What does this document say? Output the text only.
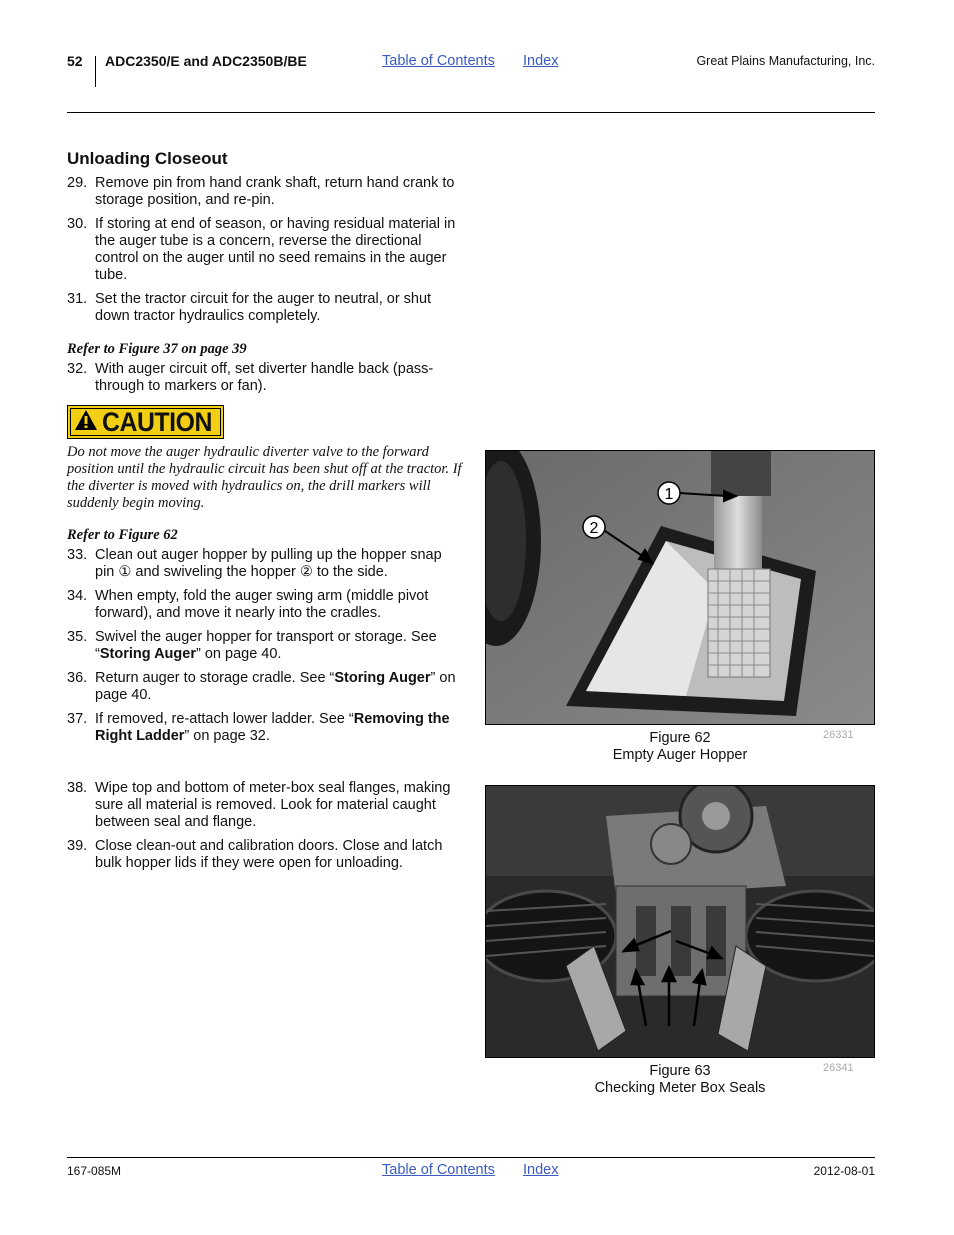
52 ADC2350/E and ADC2350B/BE	Table of Contents Index	Great Plains Manufacturing, Inc.
Unloading Closeout
29. Remove pin from hand crank shaft, return hand crank to storage position, and re-pin.
30. If storing at end of season, or having residual material in the auger tube is a concern, reverse the directional control on the auger until no seed remains in the auger tube.
31. Set the tractor circuit for the auger to neutral, or shut down tractor hydraulics completely.
Refer to Figure 37 on page 39
32. With auger circuit off, set diverter handle back (pass-through to markers or fan).
CAUTION
Do not move the auger hydraulic diverter valve to the forward position until the hydraulic circuit has been shut off at the tractor. If the diverter is moved with hydraulics on, the drill markers will suddenly begin moving.
Refer to Figure 62
33. Clean out auger hopper by pulling up the hopper snap pin ① and swiveling the hopper ② to the side.
34. When empty, fold the auger swing arm (middle pivot forward), and move it nearly into the cradles.
35. Swivel the auger hopper for transport or storage. See “Storing Auger” on page 40.
36. Return auger to storage cradle. See “Storing Auger” on page 40.
37. If removed, re-attach lower ladder. See “Removing the Right Ladder” on page 32.
38. Wipe top and bottom of meter-box seal flanges, making sure all material is removed. Look for material caught between seal and flange.
39. Close clean-out and calibration doors. Close and latch bulk hopper lids if they were open for unloading.
1
2
Figure 62
Empty Auger Hopper
26331
Figure 63
Checking Meter Box Seals
26341
167-085M	Table of Contents Index	2012-08-01
